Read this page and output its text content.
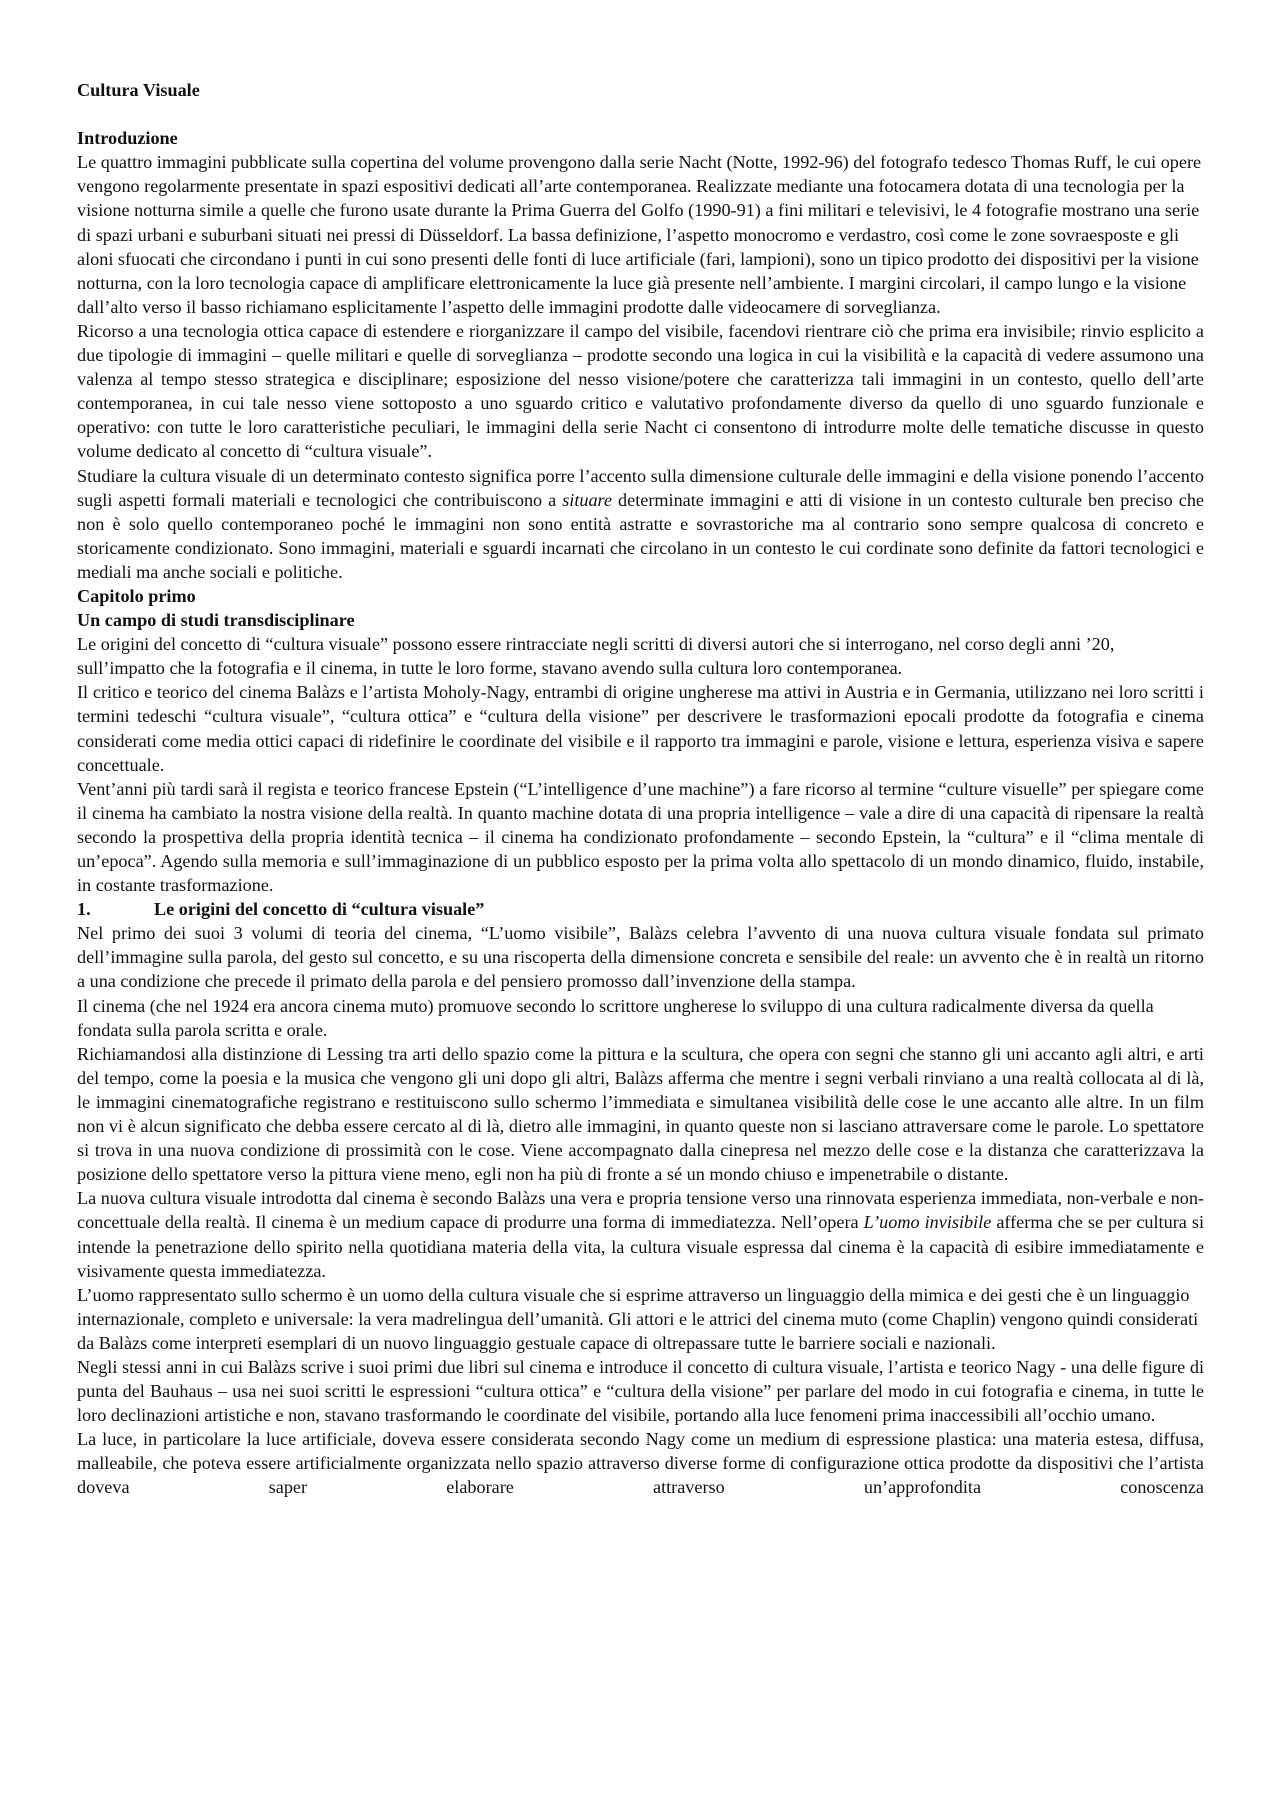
Cultura Visuale

Introduzione

Le quattro immagini pubblicate sulla copertina del volume provengono dalla serie Nacht (Notte, 1992-96) del fotografo tedesco Thomas Ruff, le cui opere vengono regolarmente presentate in spazi espositivi dedicati all’arte contemporanea. Realizzate mediante una fotocamera dotata di una tecnologia per la visione notturna simile a quelle che furono usate durante la Prima Guerra del Golfo (1990-91) a fini militari e televisivi, le 4 fotografie mostrano una serie di spazi urbani e suburbani situati nei pressi di Düsseldorf. La bassa definizione, l’aspetto monocromo e verdastro, così come le zone sovraesposte e gli aloni sfuocati che circondano i punti in cui sono presenti delle fonti di luce artificiale (fari, lampioni), sono un tipico prodotto dei dispositivi per la visione notturna, con la loro tecnologia capace di amplificare elettronicamente la luce già presente nell’ambiente. I margini circolari, il campo lungo e la visione dall’alto verso il basso richiamano esplicitamente l’aspetto delle immagini prodotte dalle videocamere di sorveglianza.

Ricorso a una tecnologia ottica capace di estendere e riorganizzare il campo del visibile, facendovi rientrare ciò che prima era invisibile; rinvio esplicito a due tipologie di immagini – quelle militari e quelle di sorveglianza – prodotte secondo una logica in cui la visibilità e la capacità di vedere assumono una valenza al tempo stesso strategica e disciplinare; esposizione del nesso visione/potere che caratterizza tali immagini in un contesto, quello dell’arte contemporanea, in cui tale nesso viene sottoposto a uno sguardo critico e valutativo profondamente diverso da quello di uno sguardo funzionale e operativo: con tutte le loro caratteristiche peculiari, le immagini della serie Nacht ci consentono di introdurre molte delle tematiche discusse in questo volume dedicato al concetto di “cultura visuale”.

Studiare la cultura visuale di un determinato contesto significa porre l’accento sulla dimensione culturale delle immagini e della visione ponendo l’accento sugli aspetti formali materiali e tecnologici che contribuiscono a situare determinate immagini e atti di visione in un contesto culturale ben preciso che non è solo quello contemporaneo poché le immagini non sono entità astratte e sovrastoriche ma al contrario sono sempre qualcosa di concreto e storicamente condizionato. Sono immagini, materiali e sguardi incarnati che circolano in un contesto le cui cordinate sono definite da fattori tecnologici e mediali ma anche sociali e politiche.

Capitolo primo

Un campo di studi transdisciplinare

Le origini del concetto di “cultura visuale” possono essere rintracciate negli scritti di diversi autori che si interrogano, nel corso degli anni ’20, sull’impatto che la fotografia e il cinema, in tutte le loro forme, stavano avendo sulla cultura loro contemporanea.

Il critico e teorico del cinema Balàzs e l’artista Moholy-Nagy, entrambi di origine ungherese ma attivi in Austria e in Germania, utilizzano nei loro scritti i termini tedeschi “cultura visuale”, “cultura ottica” e “cultura della visione” per descrivere le trasformazioni epocali prodotte da fotografia e cinema considerati come media ottici capaci di ridefinire le coordinate del visibile e il rapporto tra immagini e parole, visione e lettura, esperienza visiva e sapere concettuale.

Vent’anni più tardi sarà il regista e teorico francese Epstein (“L’intelligence d’une machine”) a fare ricorso al termine “culture visuelle” per spiegare come il cinema ha cambiato la nostra visione della realtà. In quanto machine dotata di una propria intelligence – vale a dire di una capacità di ripensare la realtà secondo la prospettiva della propria identità tecnica – il cinema ha condizionato profondamente – secondo Epstein, la “cultura” e il “clima mentale di un’epoca”. Agendo sulla memoria e sull’immaginazione di un pubblico esposto per la prima volta allo spettacolo di un mondo dinamico, fluido, instabile, in costante trasformazione.

1.	Le origini del concetto di “cultura visuale”

Nel primo dei suoi 3 volumi di teoria del cinema, “L’uomo visibile”, Balàzs celebra l’avvento di una nuova cultura visuale fondata sul primato dell’immagine sulla parola, del gesto sul concetto, e su una riscoperta della dimensione concreta e sensibile del reale: un avvento che è in realtà un ritorno a una condizione che precede il primato della parola e del pensiero promosso dall’invenzione della stampa.

Il cinema (che nel 1924 era ancora cinema muto) promuove secondo lo scrittore ungherese lo sviluppo di una cultura radicalmente diversa da quella fondata sulla parola scritta e orale.

Richiamandosi alla distinzione di Lessing tra arti dello spazio come la pittura e la scultura, che opera con segni che stanno gli uni accanto agli altri, e arti del tempo, come la poesia e la musica che vengono gli uni dopo gli altri, Balàzs afferma che mentre i segni verbali rinviano a una realtà collocata al di là, le immagini cinematografiche registrano e restituiscono sullo schermo l’immediata e simultanea visibilità delle cose le une accanto alle altre. In un film non vi è alcun significato che debba essere cercato al di là, dietro alle immagini, in quanto queste non si lasciano attraversare come le parole. Lo spettatore si trova in una nuova condizione di prossimità con le cose. Viene accompagnato dalla cinepresa nel mezzo delle cose e la distanza che caratterizzava la posizione dello spettatore verso la pittura viene meno, egli non ha più di fronte a sé un mondo chiuso e impenetrabile o distante.

La nuova cultura visuale introdotta dal cinema è secondo Balàzs una vera e propria tensione verso una rinnovata esperienza immediata, non-verbale e non-concettuale della realtà. Il cinema è un medium capace di produrre una forma di immediatezza. Nell’opera L’uomo invisibile afferma che se per cultura si intende la penetrazione dello spirito nella quotidiana materia della vita, la cultura visuale espressa dal cinema è la capacità di esibire immediatamente e visivamente questa immediatezza.

L’uomo rappresentato sullo schermo è un uomo della cultura visuale che si esprime attraverso un linguaggio della mimica e dei gesti che è un linguaggio internazionale, completo e universale: la vera madrelingua dell’umanità. Gli attori e le attrici del cinema muto (come Chaplin) vengono quindi considerati da Balàzs come interpreti esemplari di un nuovo linguaggio gestuale capace di oltrepassare tutte le barriere sociali e nazionali.

Negli stessi anni in cui Balàzs scrive i suoi primi due libri sul cinema e introduce il concetto di cultura visuale, l’artista e teorico Nagy - una delle figure di punta del Bauhaus – usa nei suoi scritti le espressioni “cultura ottica” e “cultura della visione” per parlare del modo in cui fotografia e cinema, in tutte le loro declinazioni artistiche e non, stavano trasformando le coordinate del visibile, portando alla luce fenomeni prima inaccessibili all’occhio umano.

La luce, in particolare la luce artificiale, doveva essere considerata secondo Nagy come un medium di espressione plastica: una materia estesa, diffusa, malleabile, che poteva essere artificialmente organizzata nello spazio attraverso diverse forme di configurazione ottica prodotte da dispositivi che l’artista doveva saper elaborare attraverso un’approfondita conoscenza
